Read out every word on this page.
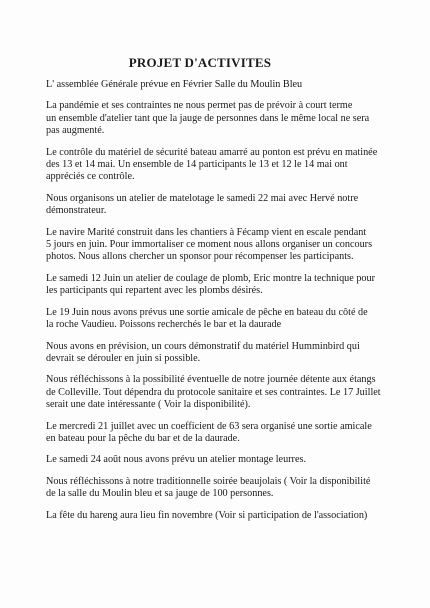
PROJET D'ACTIVITES

L' assemblée Générale prévue en Février Salle du Moulin Bleu

La pandémie et ses contraintes ne nous permet pas de prévoir à court terme
un ensemble d'atelier tant que la jauge de personnes dans le même local ne sera
pas augmenté.

Le contrôle du matériel de sécurité bateau amarré au ponton est prévu en matinée
des 13 et 14 mai. Un ensemble de 14 participants le 13 et 12 le 14 mai ont
appréciés ce contrôle.

Nous organisons un atelier de matelotage le samedi 22 mai avec Hervé notre
démonstrateur.

Le navire Marité construit dans les chantiers à Fécamp vient en escale pendant
5 jours en juin. Pour immortaliser ce moment nous allons organiser un concours
photos. Nous allons chercher un sponsor pour récompenser les participants.

Le samedi 12 Juin un atelier de coulage de plomb, Eric montre la technique pour
les participants qui repartent avec les plombs désirés.

Le 19 Juin nous avons prévus une sortie amicale de pêche en bateau du côté de
la roche Vaudieu. Poissons recherchés le bar et la daurade

Nous avons en prévision, un cours démonstratif du matériel Humminbird qui
devrait se dérouler en juin si possible.

Nous réfléchissons à la possibilité éventuelle de notre journée détente aux étangs
de Colleville. Tout dépendra du protocole sanitaire et ses contraintes. Le 17 Juillet
serait une date intéressante ( Voir la disponibilité).

Le mercredi 21 juillet avec un coefficient de 63 sera organisé une sortie amicale
en bateau pour la pêche du bar et de la daurade.

Le samedi 24 août nous avons prévu un atelier montage leurres.

Nous réfléchissons à notre traditionnelle soirée beaujolais ( Voir la disponibilité
de la salle du Moulin bleu et sa jauge de 100 personnes.

La fête du hareng aura lieu fin novembre (Voir si participation de l'association)
